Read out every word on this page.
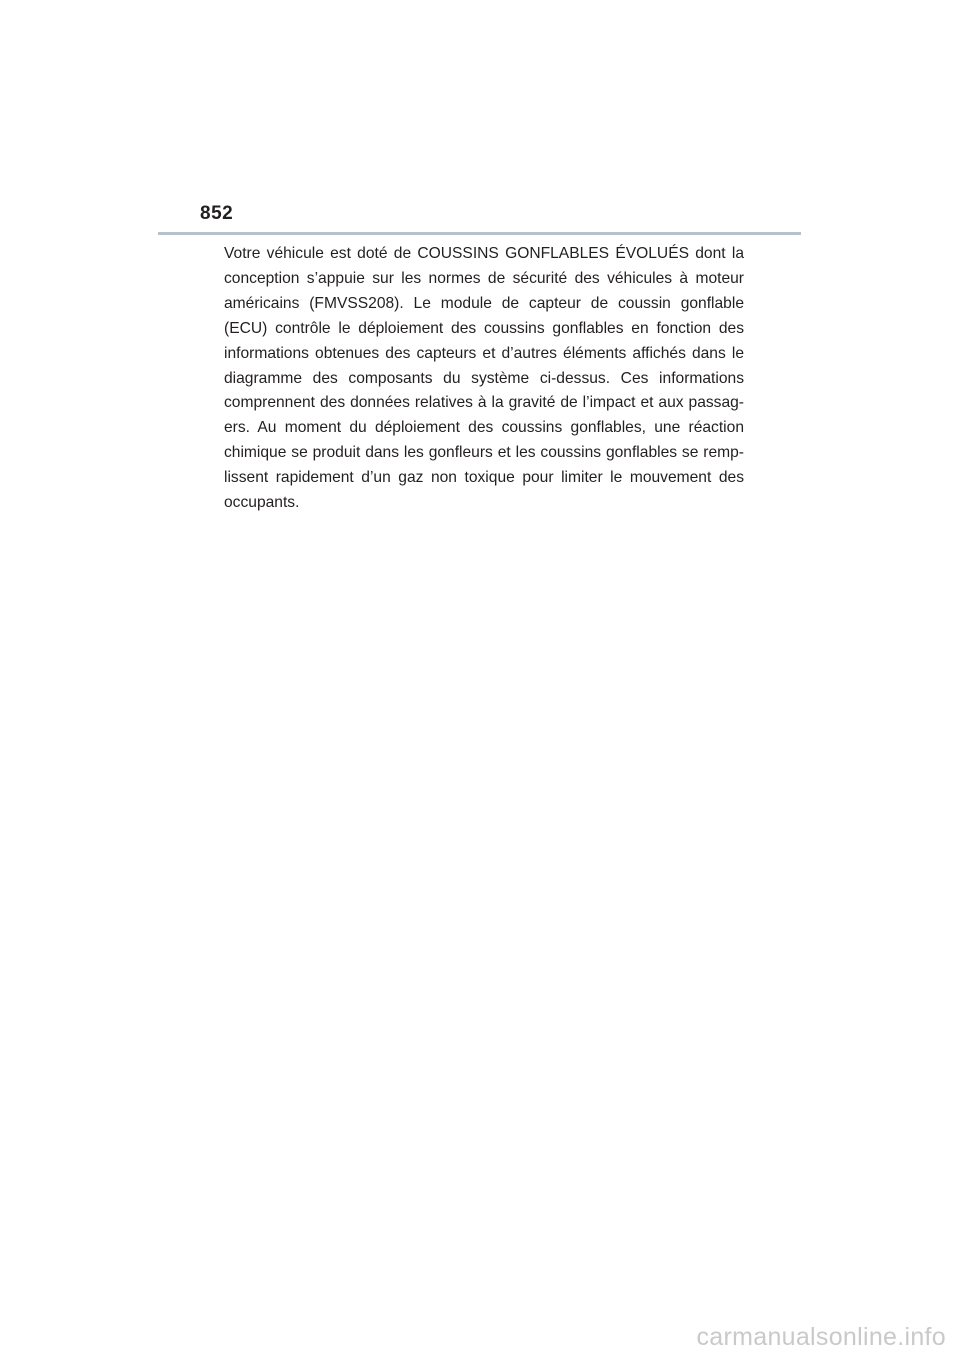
852

Votre véhicule est doté de COUSSINS GONFLABLES ÉVOLUÉS dont la conception s’appuie sur les normes de sécurité des véhicules à moteur américains (FMVSS208). Le module de capteur de coussin gonflable (ECU) contrôle le déploiement des coussins gonflables en fonction des informations obtenues des capteurs et d’autres éléments affichés dans le diagramme des composants du système ci-dessus. Ces informations comprennent des données relatives à la gravité de l’impact et aux passag-ers. Au moment du déploiement des coussins gonflables, une réaction chimique se produit dans les gonfleurs et les coussins gonflables se remp-lissent rapidement d’un gaz non toxique pour limiter le mouvement des occupants.

carmanualsonline.info
